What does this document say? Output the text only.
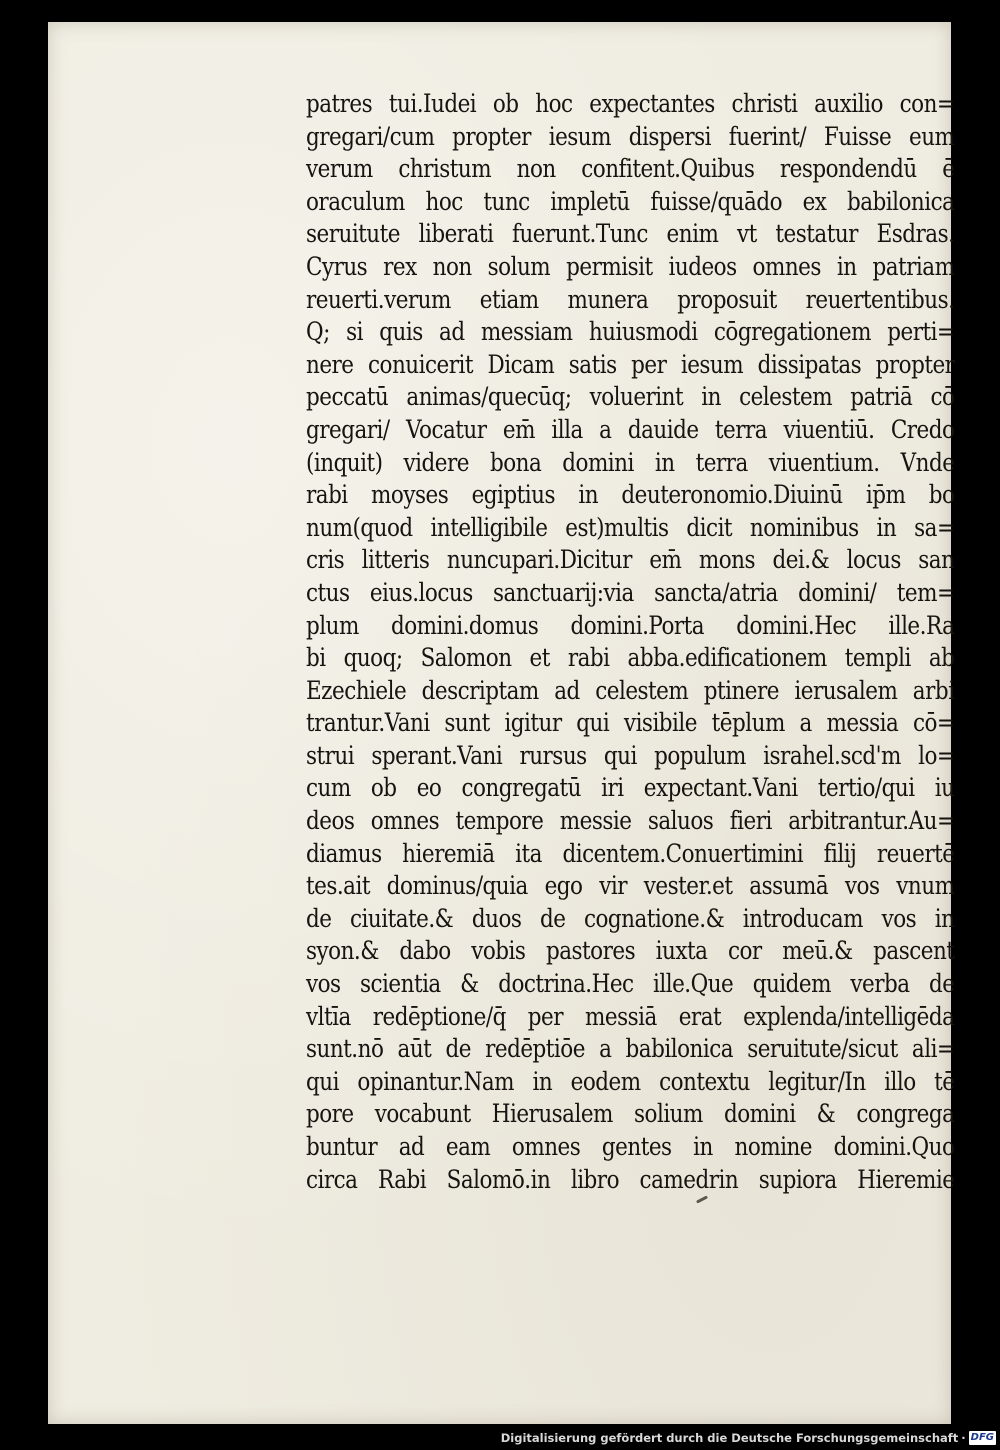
patres tui.Iudei ob hoc expectantes christi auxilio con=
gregari/cum propter iesum dispersi fuerint/ Fuisse eum
verum christum non confitent.Quibus respondendū ē
oraculum hoc tunc impletū fuisse/quādo ex babilonica
seruitute liberati fuerunt.Tunc enim vt testatur Esdras.
Cyrus rex non solum permisit iudeos omnes in patriam
reuerti.verum etiam munera proposuit reuertentibus.
Q; si quis ad messiam huiusmodi cōgregationem perti=
nere conuicerit Dicam satis per iesum dissipatas propter
peccatū animas/quecūq; voluerint in celestem patriā cō
gregari/ Vocatur em̄ illa a dauide terra viuentiū. Credo
(inquit) videre bona domini in terra viuentium. Vnde
rabi moyses egiptius in deuteronomio.Diuinū ip̄m bo
num(quod intelligibile est)multis dicit nominibus in sa=
cris litteris nuncupari.Dicitur em̄ mons dei.& locus san
ctus eius.locus sanctuarij:via sancta/atria domini/ tem=
plum domini.domus domini.Porta domini.Hec ille.Ra
bi quoq; Salomon et rabi abba.edificationem templi ab
Ezechiele descriptam ad celestem ptinere ierusalem arbi
trantur.Vani sunt igitur qui visibile tēplum a messia cō=
strui sperant.Vani rursus qui populum israhel.scd'm lo=
cum ob eo congregatū iri expectant.Vani tertio/qui iu
deos omnes tempore messie saluos fieri arbitrantur.Au=
diamus hieremiā ita dicentem.Conuertimini filij reuertē
tes.ait dominus/quia ego vir vester.et assumā vos vnum
de ciuitate.& duos de cognatione.& introducam vos in
syon.& dabo vobis pastores iuxta cor meū.& pascent
vos scientia & doctrina.Hec ille.Que quidem verba de
vltīa redēptione/q̄ per messiā erat explenda/intelligēda
sunt.nō aūt de redēptiōe a babilonica seruitute/sicut ali=
qui opinantur.Nam in eodem contextu legitur/In illo tē
pore vocabunt Hierusalem solium domini & congrega
buntur ad eam omnes gentes in nomine domini.Quo
circa Rabi Salomō.in libro camedrin supiora Hieremie
Digitalisierung gefördert durch die Deutsche Forschungsgemeinschaft · DFG
